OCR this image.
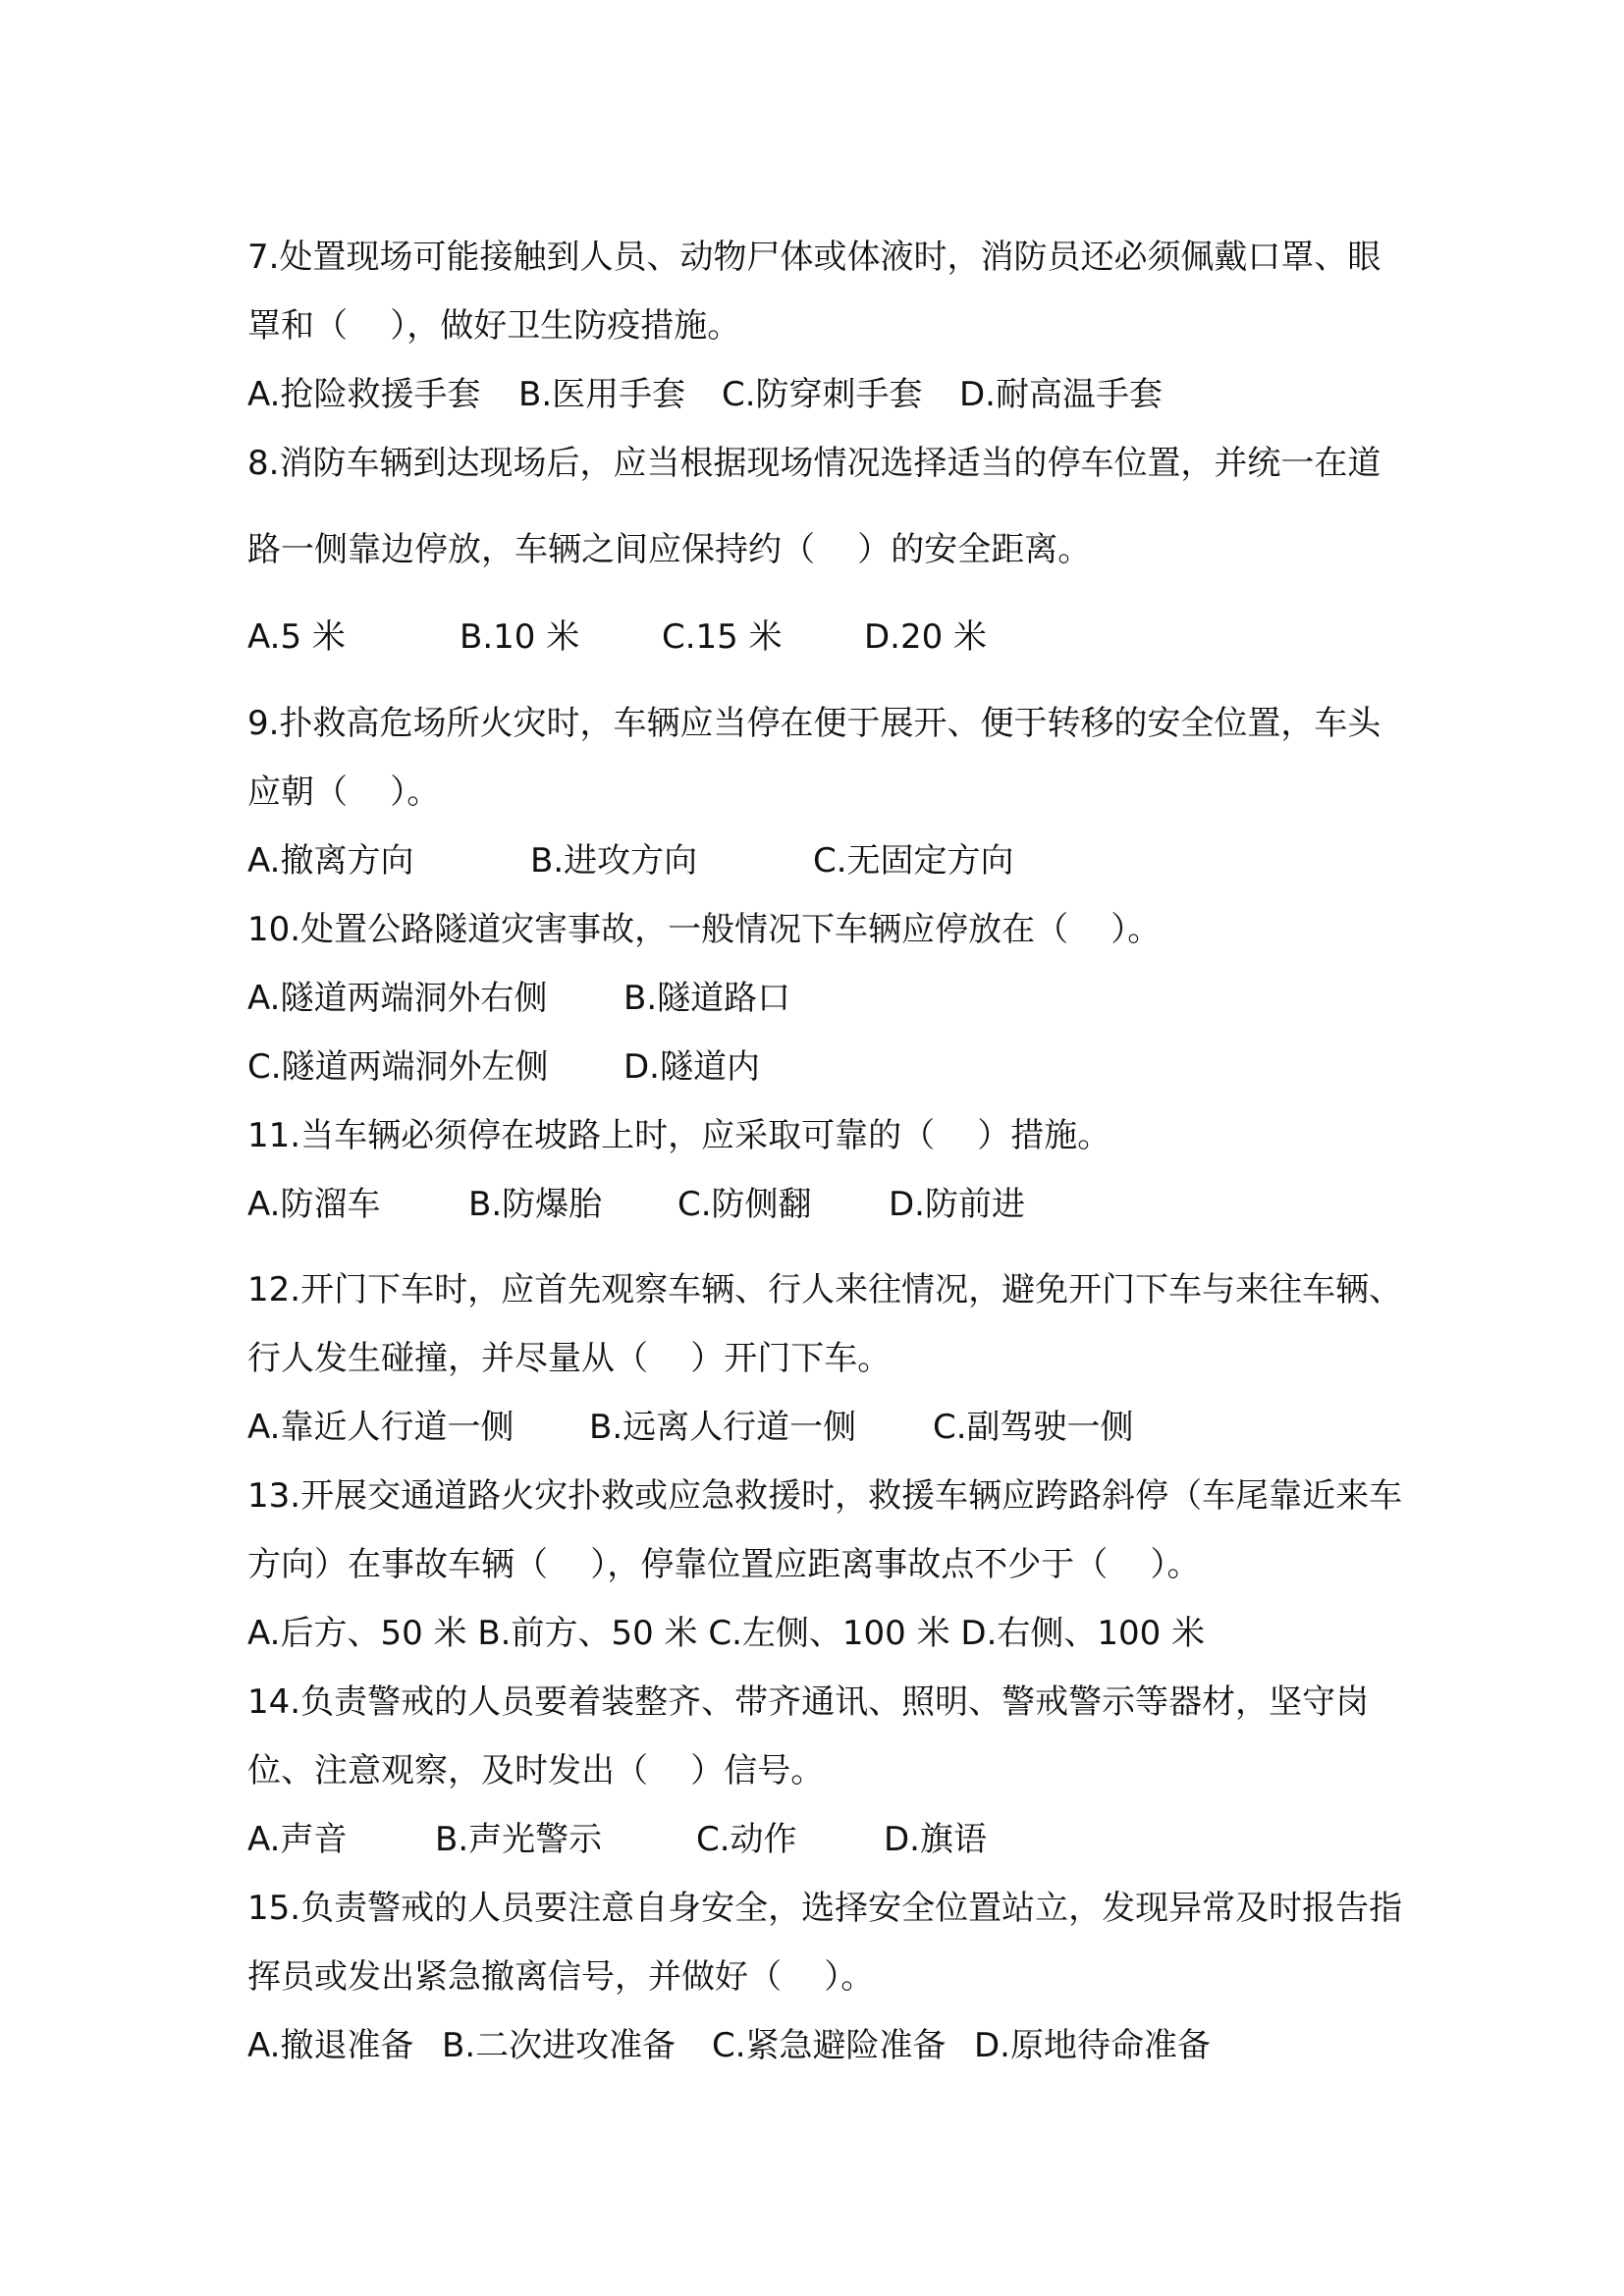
7.处置现场可能接触到人员、动物尸体或体液时，消防员还必须佩戴口罩、眼
罩和（    ），做好卫生防疫措施。
A.抢险救援手套 B.医用手套 C.防穿刺手套 D.耐高温手套
8.消防车辆到达现场后，应当根据现场情况选择适当的停车位置，并统一在道
路一侧靠边停放，车辆之间应保持约（    ）的安全距离。
A.5 米	B.10 米 C.15 米 D.20 米
9.扑救高危场所火灾时，车辆应当停在便于展开、便于转移的安全位置，车头
应朝（    ）。
A.撤离方向	B.进攻方向	C.无固定方向
10.处置公路隧道灾害事故，一般情况下车辆应停放在（    ）。
A.隧道两端洞外右侧 B.隧道路口
C.隧道两端洞外左侧 D.隧道内
11.当车辆必须停在坡路上时，应采取可靠的（    ）措施。
A.防溜车	B.防爆胎 C.防侧翻 D.防前进
12.开门下车时，应首先观察车辆、行人来往情况，避免开门下车与来往车辆、
行人发生碰撞，并尽量从（    ）开门下车。
A.靠近人行道一侧 B.远离人行道一侧 C.副驾驶一侧
13.开展交通道路火灾扑救或应急救援时，救援车辆应跨路斜停（车尾靠近来车
方向）在事故车辆（    ），停靠位置应距离事故点不少于（    ）。
A.后方、50 米 B.前方、50 米 C.左侧、100 米 D.右侧、100 米
14.负责警戒的人员要着装整齐、带齐通讯、照明、警戒警示等器材，坚守岗
位、注意观察，及时发出（    ）信号。
A.声音	B.声光警示	C.动作	D.旗语
15.负责警戒的人员要注意自身安全，选择安全位置站立，发现异常及时报告指
挥员或发出紧急撤离信号，并做好（    ）。
A.撤退准备 B.二次进攻准备 C.紧急避险准备 D.原地待命准备
